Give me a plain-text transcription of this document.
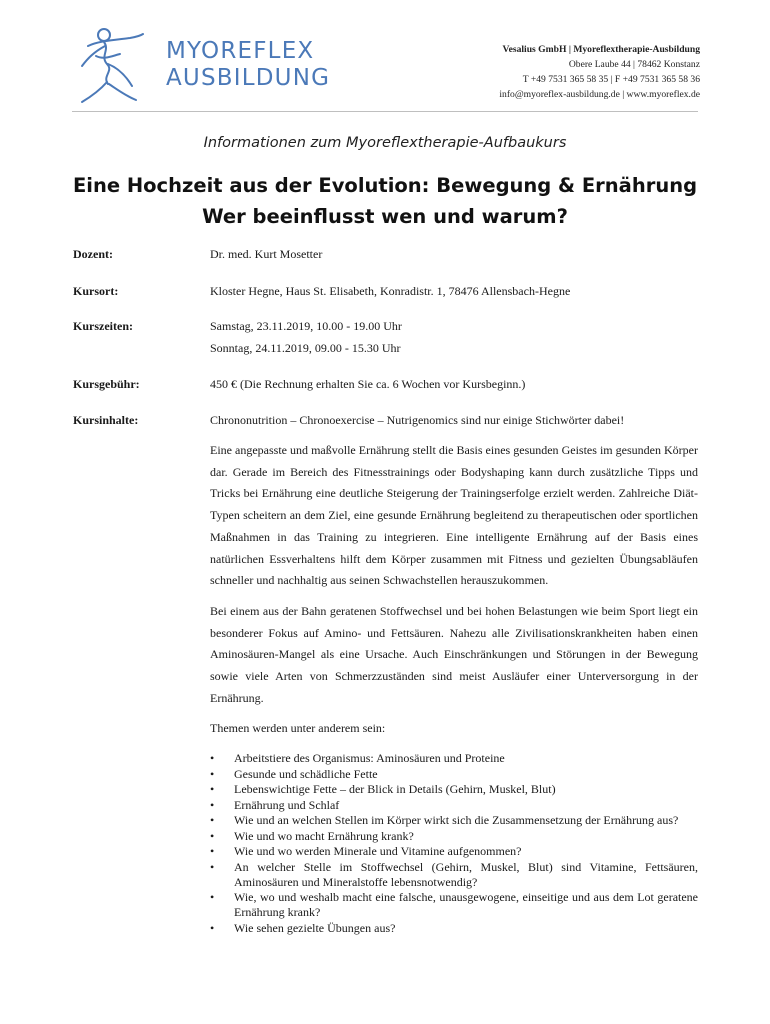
MYOREFLEX
AUSBILDUNG
Vesalius GmbH | Myoreflextherapie-Ausbildung
Obere Laube 44 | 78462 Konstanz
T +49 7531 365 58 35 | F +49 7531 365 58 36
info@myoreflex-ausbildung.de | www.myoreflex.de
Informationen zum Myoreflextherapie-Aufbaukurs
Eine Hochzeit aus der Evolution: Bewegung & Ernährung
Wer beeinflusst wen und warum?
Dozent:	Dr. med. Kurt Mosetter
Kursort:	Kloster Hegne, Haus St. Elisabeth, Konradistr. 1, 78476 Allensbach-Hegne
Kurszeiten:	Samstag, 23.11.2019, 10.00 - 19.00 Uhr
Sonntag, 24.11.2019, 09.00 - 15.30 Uhr
Kursgebühr:	450 € (Die Rechnung erhalten Sie ca. 6 Wochen vor Kursbeginn.)
Kursinhalte:	Chrononutrition – Chronoexercise – Nutrigenomics sind nur einige Stichwörter dabei!

Eine angepasste und maßvolle Ernährung stellt die Basis eines gesunden Geistes im gesunden Körper dar. Gerade im Bereich des Fitnesstrainings oder Bodyshaping kann durch zusätzliche Tipps und Tricks bei Ernährung eine deutliche Steigerung der Trainingserfolge erzielt werden. Zahlreiche Diät-Typen scheitern an dem Ziel, eine gesunde Ernährung begleitend zu therapeutischen oder sportlichen Maßnahmen in das Training zu integrieren. Eine intelligente Ernährung auf der Basis eines natürlichen Essverhaltens hilft dem Körper zusammen mit Fitness und gezielten Übungsabläufen schneller und nachhaltig aus seinen Schwachstellen herauszukommen.

Bei einem aus der Bahn geratenen Stoffwechsel und bei hohen Belastungen wie beim Sport liegt ein besonderer Fokus auf Amino- und Fettsäuren. Nahezu alle Zivilisationskrankheiten haben einen Aminosäuren-Mangel als eine Ursache. Auch Einschränkungen und Störungen in der Bewegung sowie viele Arten von Schmerzzuständen sind meist Ausläufer einer Unterversorgung in der Ernährung.

Themen werden unter anderem sein:

• Arbeitstiere des Organismus: Aminosäuren und Proteine
• Gesunde und schädliche Fette
• Lebenswichtige Fette – der Blick in Details (Gehirn, Muskel, Blut)
• Ernährung und Schlaf
• Wie und an welchen Stellen im Körper wirkt sich die Zusammensetzung der Ernährung aus?
• Wie und wo macht Ernährung krank?
• Wie und wo werden Minerale und Vitamine aufgenommen?
• An welcher Stelle im Stoffwechsel (Gehirn, Muskel, Blut) sind Vitamine, Fettsäuren, Aminosäuren und Mineralstoffe lebensnotwendig?
• Wie, wo und weshalb macht eine falsche, unausgewogene, einseitige und aus dem Lot geratene Ernährung krank?
• Wie sehen gezielte Übungen aus?
